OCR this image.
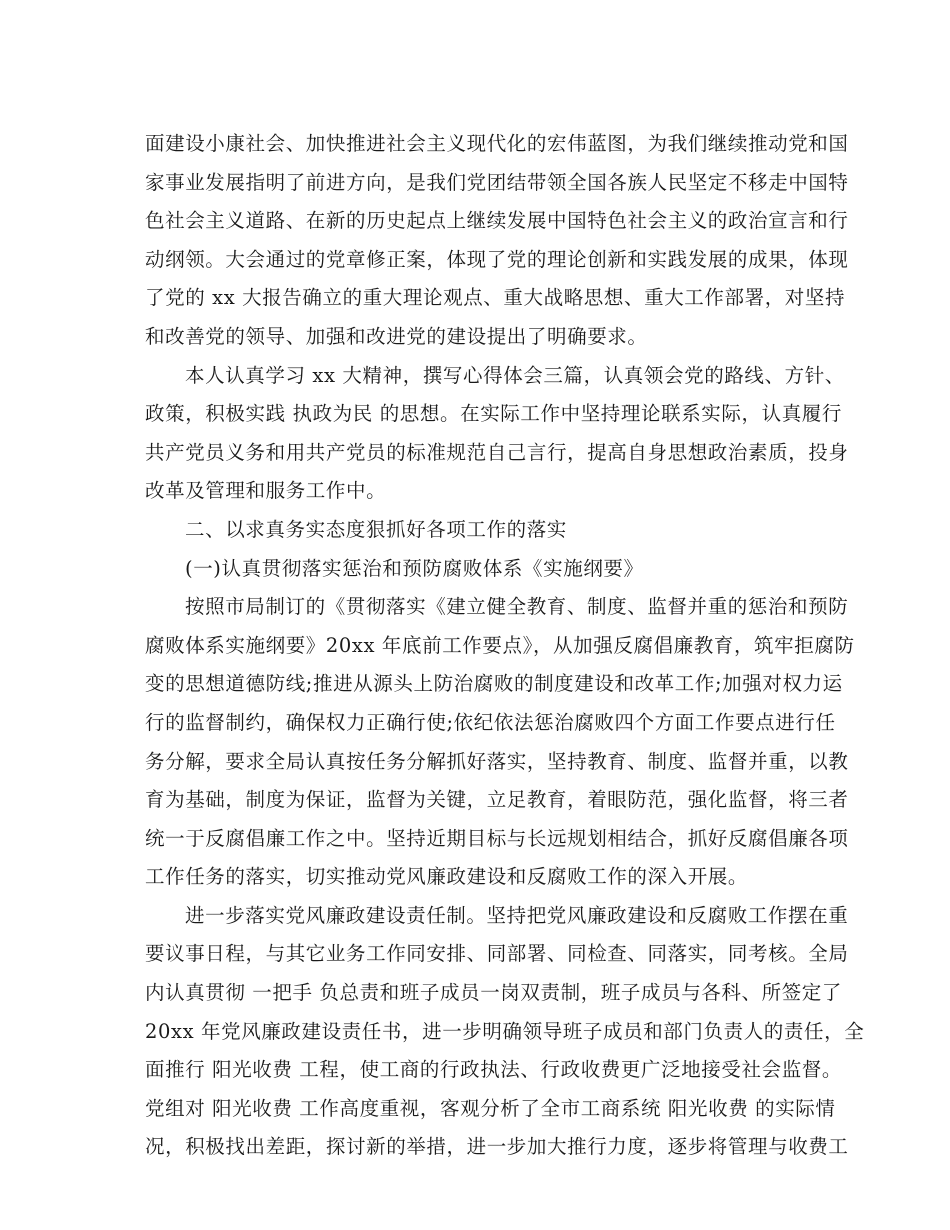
面建设小康社会、加快推进社会主义现代化的宏伟蓝图，为我们继续推动党和国
家事业发展指明了前进方向，是我们党团结带领全国各族人民坚定不移走中国特
色社会主义道路、在新的历史起点上继续发展中国特色社会主义的政治宣言和行
动纲领。大会通过的党章修正案，体现了党的理论创新和实践发展的成果，体现
了党的 xx 大报告确立的重大理论观点、重大战略思想、重大工作部署，对坚持
和改善党的领导、加强和改进党的建设提出了明确要求。
本人认真学习 xx 大精神，撰写心得体会三篇，认真领会党的路线、方针、
政策，积极实践 执政为民 的思想。在实际工作中坚持理论联系实际，认真履行
共产党员义务和用共产党员的标准规范自己言行，提高自身思想政治素质，投身
改革及管理和服务工作中。
二、以求真务实态度狠抓好各项工作的落实
(一)认真贯彻落实惩治和预防腐败体系《实施纲要》
按照市局制订的《贯彻落实《建立健全教育、制度、监督并重的惩治和预防
腐败体系实施纲要》20xx 年底前工作要点》，从加强反腐倡廉教育，筑牢拒腐防
变的思想道德防线;推进从源头上防治腐败的制度建设和改革工作;加强对权力运
行的监督制约，确保权力正确行使;依纪依法惩治腐败四个方面工作要点进行任
务分解，要求全局认真按任务分解抓好落实，坚持教育、制度、监督并重，以教
育为基础，制度为保证，监督为关键，立足教育，着眼防范，强化监督，将三者
统一于反腐倡廉工作之中。坚持近期目标与长远规划相结合，抓好反腐倡廉各项
工作任务的落实，切实推动党风廉政建设和反腐败工作的深入开展。
进一步落实党风廉政建设责任制。坚持把党风廉政建设和反腐败工作摆在重
要议事日程，与其它业务工作同安排、同部署、同检查、同落实，同考核。全局
内认真贯彻 一把手 负总责和班子成员一岗双责制，班子成员与各科、所签定了
20xx 年党风廉政建设责任书，进一步明确领导班子成员和部门负责人的责任，全
面推行 阳光收费 工程，使工商的行政执法、行政收费更广泛地接受社会监督。
党组对 阳光收费 工作高度重视，客观分析了全市工商系统 阳光收费 的实际情
况，积极找出差距，探讨新的举措，进一步加大推行力度，逐步将管理与收费工
